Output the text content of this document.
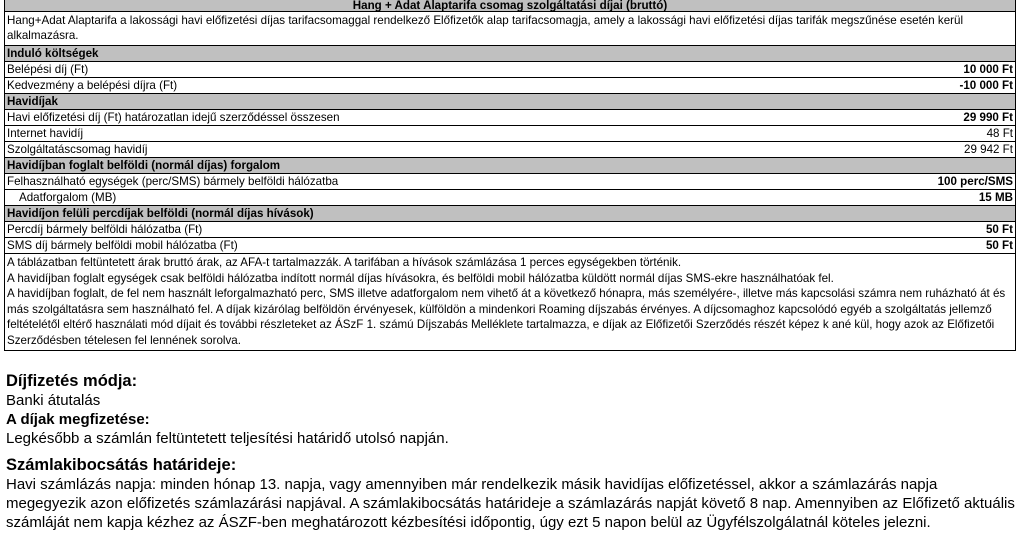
Hang + Adat Alaptarifa csomag szolgáltatási díjai (bruttó)
Hang+Adat Alaptarifa a lakossági havi előfizetési díjas tarifacsomaggal rendelkező Előfizetők alap tarifacsomagja, amely a lakossági havi előfizetési díjas tarifák megszűnése esetén kerül alkalmazásra.
Induló költségek
Belépési díj (Ft)	10 000 Ft
Kedvezmény a belépési díjra (Ft)	-10 000 Ft
Havidíjak
Havi előfizetési díj (Ft) határozatlan idejű szerződéssel összesen	29 990 Ft
Internet havidíj	48 Ft
Szolgáltatáscsomag havidíj	29 942 Ft
Havidíjban foglalt belföldi (normál díjas) forgalom
Felhasználható egységek (perc/SMS) bármely belföldi hálózatba	100 perc/SMS
Adatforgalom (MB)	15 MB
Havidíjon felüli percdíjak belföldi (normál díjas hívások)
Percdíj bármely belföldi hálózatba (Ft)	50 Ft
SMS díj bármely belföldi mobil hálózatba (Ft)	50 Ft
A táblázatban feltüntetett árak bruttó árak, az AFA-t tartalmazzák. A tarifában a hívások számlázása 1 perces egységekben történik.
A havidíjban foglalt egységek csak belföldi hálózatba indított normál díjas hívásokra, és belföldi mobil hálózatba küldött normál díjas SMS-ekre használhatóak fel.
A havidíjban foglalt, de fel nem használt leforgalmazható perc, SMS illetve adatforgalom nem vihető át a következő hónapra, más személyére-, illetve más kapcsolási számra nem ruházható át és más szolgáltatásra sem használható fel. A díjak kizárólag belföldön érvényesek, külföldön a mindenkori Roaming díjszabás érvényes. A díjcsomaghoz kapcsolódó egyéb a szolgáltatás jellemző feltételétől eltérő használati mód díjait és további részleteket az ÁSzF 1. számú Díjszabás Melléklete tartalmazza, e díjak az Előfizetői Szerződés részét képez k ané kül, hogy azok az Előfizetői Szerződésben tételesen fel lennének sorolva.
Díjfizetés módja:
Banki átutalás
A díjak megfizetése:
Legkésőbb a számlán feltüntetett teljesítési határidő utolsó napján.
Számlakibocsátás határideje:
Havi számlázás napja: minden hónap 13. napja, vagy amennyiben már rendelkezik másik havidíjas előfizetéssel, akkor a számlazárás napja megegyezik azon előfizetés számlazárási napjával. A számlakibocsátás határideje a számlazárás napját követő 8 nap. Amennyiben az Előfizető aktuális számláját nem kapja kézhez az ÁSZF-ben meghatározott kézbesítési időpontig, úgy ezt 5 napon belül az Ügyfélszolgálatnál köteles jelezni.
